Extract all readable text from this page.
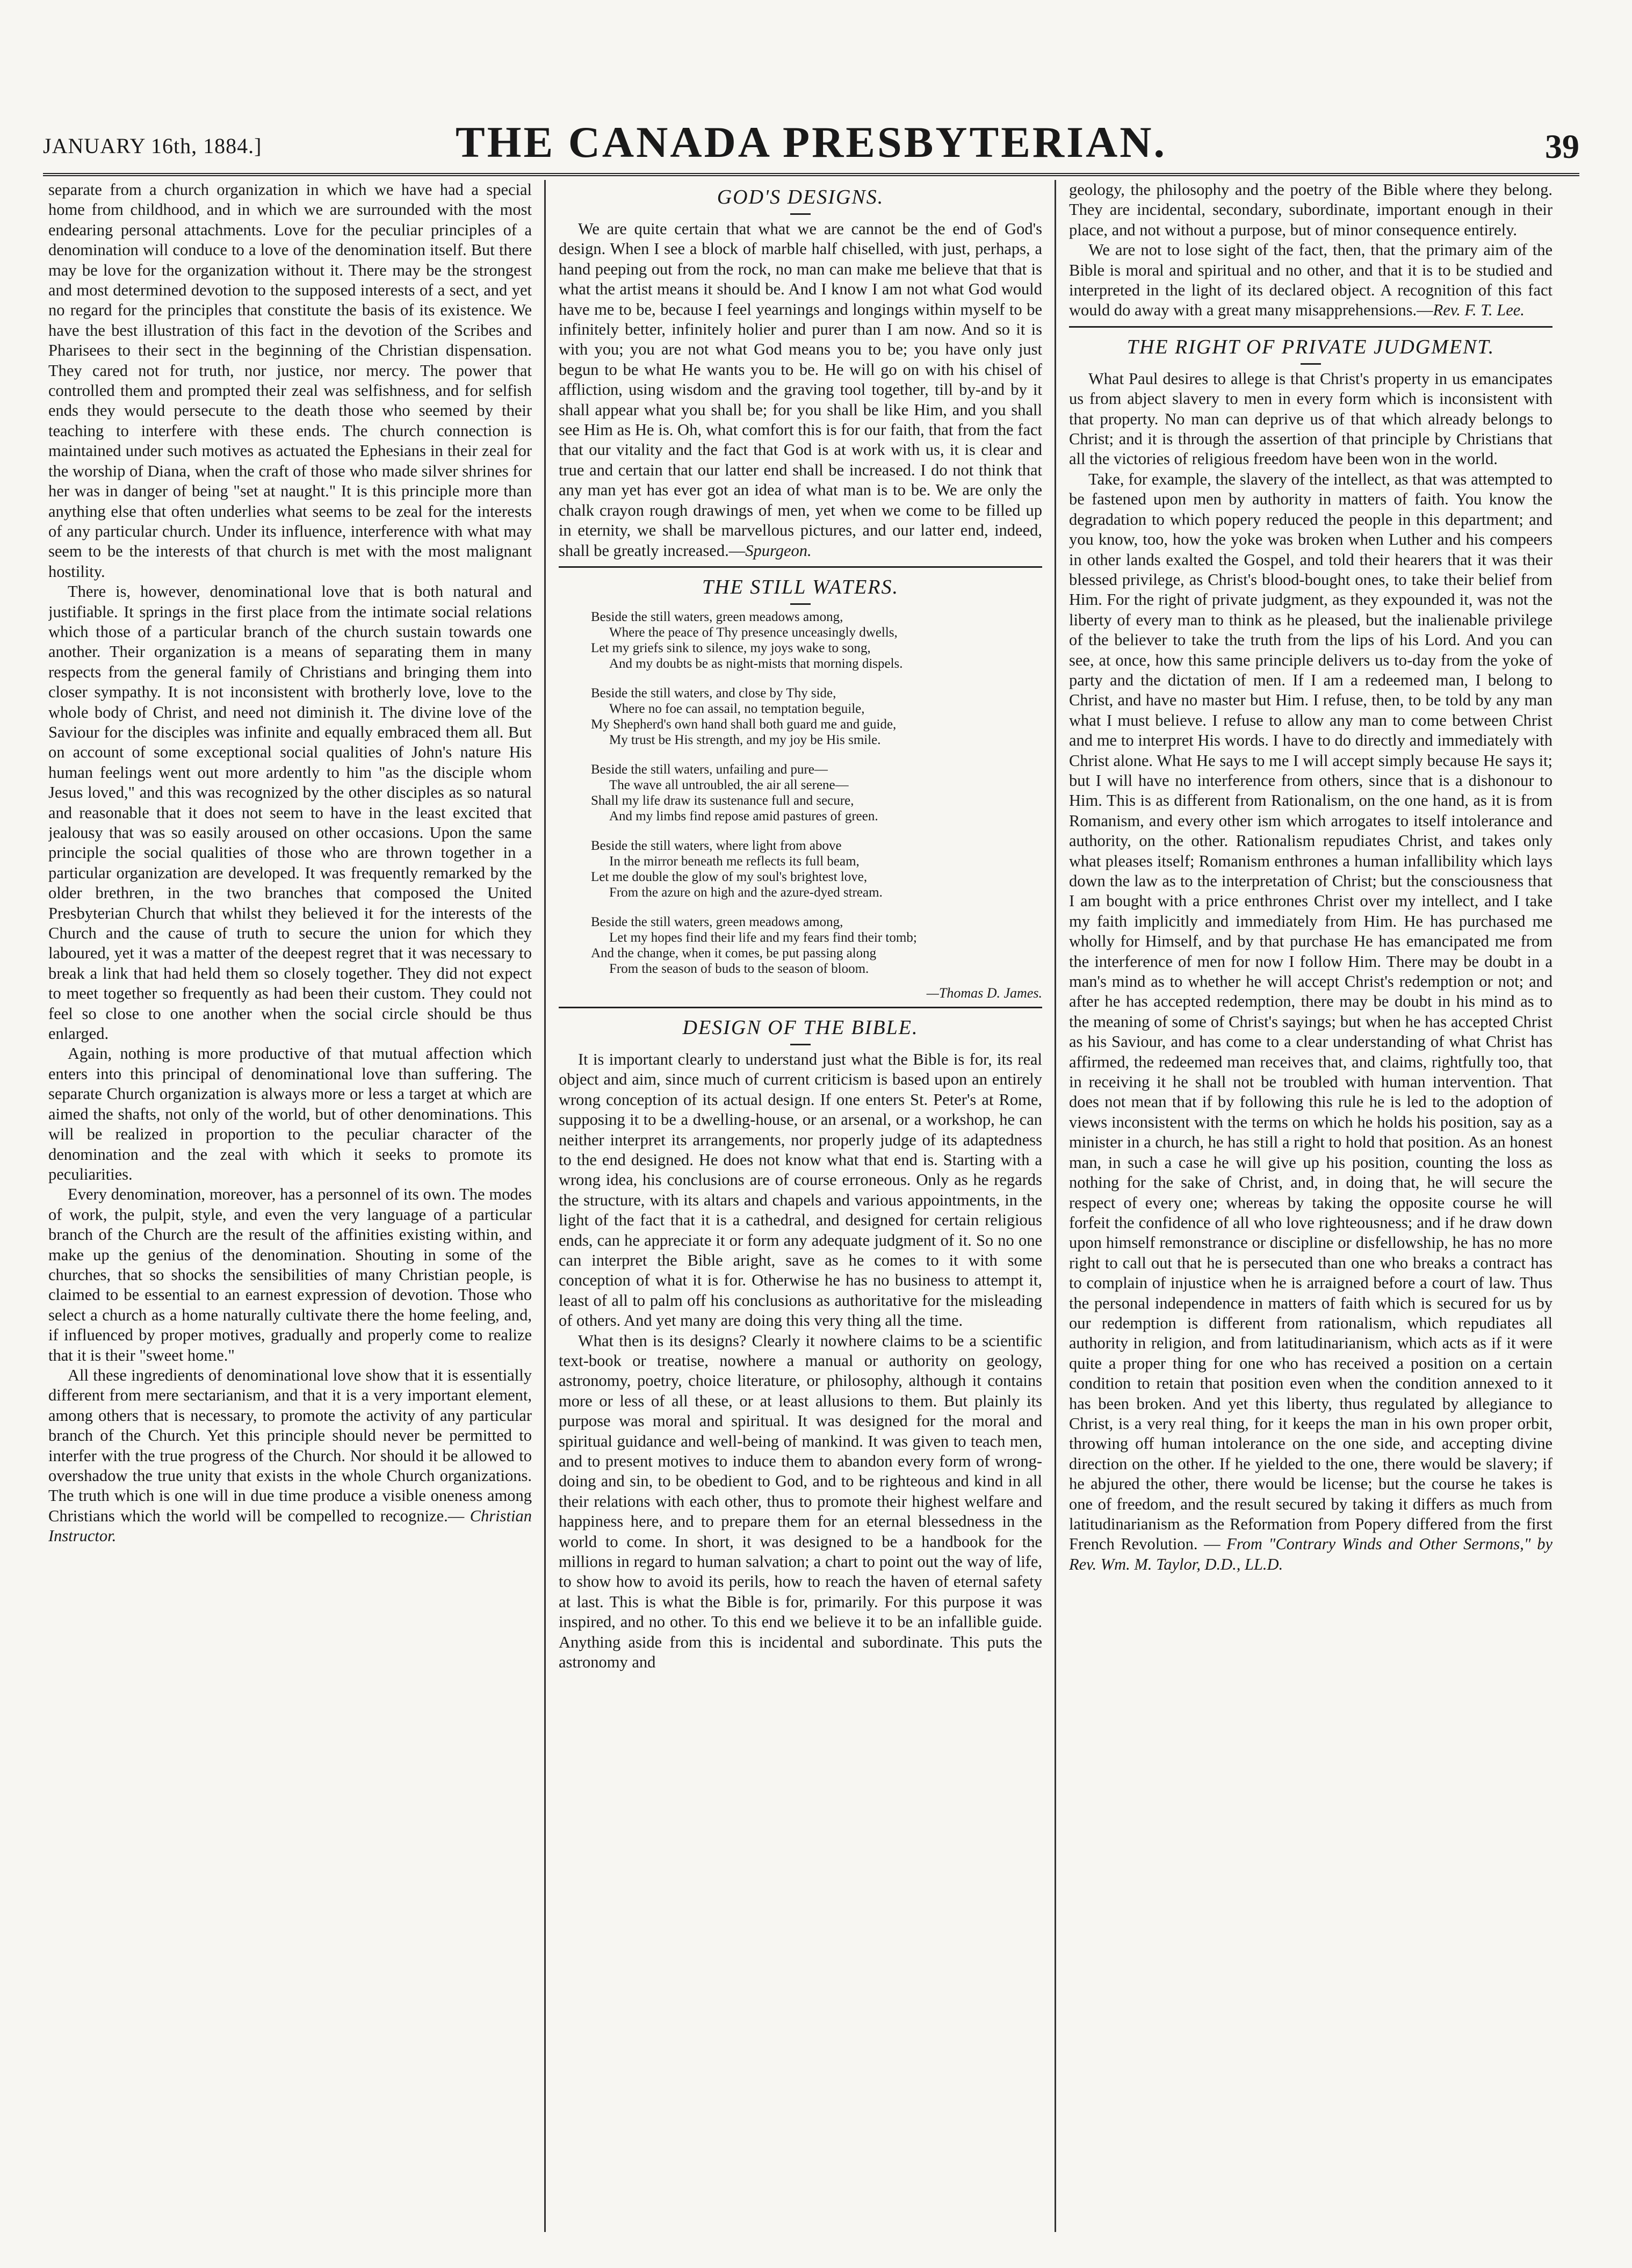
JANUARY 16th, 1884.]	THE CANADA PRESBYTERIAN.	39

separate from a church organization in which we have had a special home from childhood, and in which we are surrounded with the most endearing personal attachments. Love for the peculiar principles of a denomination will conduce to a love of the denomination itself. But there may be love for the organization without it. There may be the strongest and most determined devotion to the supposed interests of a sect, and yet no regard for the principles that constitute the basis of its existence. We have the best illustration of this fact in the devotion of the Scribes and Pharisees to their sect in the beginning of the Christian dispensation. They cared not for truth, nor justice, nor mercy. The power that controlled them and prompted their zeal was selfishness, and for selfish ends they would persecute to the death those who seemed by their teaching to interfere with these ends. The church connection is maintained under such motives as actuated the Ephesians in their zeal for the worship of Diana, when the craft of those who made silver shrines for her was in danger of being "set at naught." It is this principle more than anything else that often underlies what seems to be zeal for the interests of any particular church. Under its influence, interference with what may seem to be the interests of that church is met with the most malignant hostility.

There is, however, denominational love that is both natural and justifiable. It springs in the first place from the intimate social relations which those of a particular branch of the church sustain towards one another. Their organization is a means of separating them in many respects from the general family of Christians and bringing them into closer sympathy. It is not inconsistent with brotherly love, love to the whole body of Christ, and need not diminish it. The divine love of the Saviour for the disciples was infinite and equally embraced them all. But on account of some exceptional social qualities of John's nature His human feelings went out more ardently to him "as the disciple whom Jesus loved," and this was recognized by the other disciples as so natural and reasonable that it does not seem to have in the least excited that jealousy that was so easily aroused on other occasions. Upon the same principle the social qualities of those who are thrown together in a particular organization are developed. It was frequently remarked by the older brethren, in the two branches that composed the United Presbyterian Church that whilst they believed it for the interests of the Church and the cause of truth to secure the union for which they laboured, yet it was a matter of the deepest regret that it was necessary to break a link that had held them so closely together. They did not expect to meet together so frequently as had been their custom. They could not feel so close to one another when the social circle should be thus enlarged.

Again, nothing is more productive of that mutual affection which enters into this principal of denominational love than suffering. The separate Church organization is always more or less a target at which are aimed the shafts, not only of the world, but of other denominations. This will be realized in proportion to the peculiar character of the denomination and the zeal with which it seeks to promote its peculiarities.

Every denomination, moreover, has a personnel of its own. The modes of work, the pulpit, style, and even the very language of a particular branch of the Church are the result of the affinities existing within, and make up the genius of the denomination. Shouting in some of the churches, that so shocks the sensibilities of many Christian people, is claimed to be essential to an earnest expression of devotion. Those who select a church as a home naturally cultivate there the home feeling, and, if influenced by proper motives, gradually and properly come to realize that it is their "sweet home."

All these ingredients of denominational love show that it is essentially different from mere sectarianism, and that it is a very important element, among others that is necessary, to promote the activity of any particular branch of the Church. Yet this principle should never be permitted to interfer with the true progress of the Church. Nor should it be allowed to overshadow the true unity that exists in the whole Church organizations. The truth which is one will in due time produce a visible oneness among Christians which the world will be compelled to recognize.— Christian Instructor.

GOD'S DESIGNS.

We are quite certain that what we are cannot be the end of God's design. When I see a block of marble half chiselled, with just, perhaps, a hand peeping out from the rock, no man can make me believe that that is what the artist means it should be. And I know I am not what God would have me to be, because I feel yearnings and longings within myself to be infinitely better, infinitely holier and purer than I am now. And so it is with you; you are not what God means you to be; you have only just begun to be what He wants you to be. He will go on with his chisel of affliction, using wisdom and the graving tool together, till by-and by it shall appear what you shall be; for you shall be like Him, and you shall see Him as He is. Oh, what comfort this is for our faith, that from the fact that our vitality and the fact that God is at work with us, it is clear and true and certain that our latter end shall be increased. I do not think that any man yet has ever got an idea of what man is to be. We are only the chalk crayon rough drawings of men, yet when we come to be filled up in eternity, we shall be marvellous pictures, and our latter end, indeed, shall be greatly increased.—Spurgeon.

THE STILL WATERS.
Beside the still waters, green meadows among,
Where the peace of Thy presence unceasingly dwells,
Let my griefs sink to silence, my joys wake to song,
And my doubts be as night-mists that morning dispels.
Beside the still waters, and close by Thy side,
Where no foe can assail, no temptation beguile,
My Shepherd's own hand shall both guard me and guide,
My trust be His strength, and my joy be His smile.
Beside the still waters, unfailing and pure—
The wave all untroubled, the air all serene—
Shall my life draw its sustenance full and secure,
And my limbs find repose amid pastures of green.
Beside the still waters, where light from above
In the mirror beneath me reflects its full beam,
Let me double the glow of my soul's brightest love,
From the azure on high and the azure-dyed stream.
Beside the still waters, green meadows among,
Let my hopes find their life and my fears find their tomb;
And the change, when it comes, be put passing along
From the season of buds to the season of bloom.
—Thomas D. James.
DESIGN OF THE BIBLE.

It is important clearly to understand just what the Bible is for, its real object and aim, since much of current criticism is based upon an entirely wrong conception of its actual design. If one enters St. Peter's at Rome, supposing it to be a dwelling-house, or an arsenal, or a workshop, he can neither interpret its arrangements, nor properly judge of its adaptedness to the end designed. He does not know what that end is. Starting with a wrong idea, his conclusions are of course erroneous. Only as he regards the structure, with its altars and chapels and various appointments, in the light of the fact that it is a cathedral, and designed for certain religious ends, can he appreciate it or form any adequate judgment of it. So no one can interpret the Bible aright, save as he comes to it with some conception of what it is for. Otherwise he has no business to attempt it, least of all to palm off his conclusions as authoritative for the misleading of others. And yet many are doing this very thing all the time.

What then is its designs? Clearly it nowhere claims to be a scientific text-book or treatise, nowhere a manual or authority on geology, astronomy, poetry, choice literature, or philosophy, although it contains more or less of all these, or at least allusions to them. But plainly its purpose was moral and spiritual. It was designed for the moral and spiritual guidance and well-being of mankind. It was given to teach men, and to present motives to induce them to abandon every form of wrong-doing and sin, to be obedient to God, and to be righteous and kind in all their relations with each other, thus to promote their highest welfare and happiness here, and to prepare them for an eternal blessedness in the world to come. In short, it was designed to be a handbook for the millions in regard to human salvation; a chart to point out the way of life, to show how to avoid its perils, how to reach the haven of eternal safety at last. This is what the Bible is for, primarily. For this purpose it was inspired, and no other. To this end we believe it to be an infallible guide. Anything aside from this is incidental and subordinate. This puts the astronomy and

geology, the philosophy and the poetry of the Bible where they belong. They are incidental, secondary, subordinate, important enough in their place, and not without a purpose, but of minor consequence entirely.

We are not to lose sight of the fact, then, that the primary aim of the Bible is moral and spiritual and no other, and that it is to be studied and interpreted in the light of its declared object. A recognition of this fact would do away with a great many misapprehensions.—Rev. F. T. Lee.

THE RIGHT OF PRIVATE JUDGMENT.

What Paul desires to allege is that Christ's property in us emancipates us from abject slavery to men in every form which is inconsistent with that property. No man can deprive us of that which already belongs to Christ; and it is through the assertion of that principle by Christians that all the victories of religious freedom have been won in the world.

Take, for example, the slavery of the intellect, as that was attempted to be fastened upon men by authority in matters of faith. You know the degradation to which popery reduced the people in this department; and you know, too, how the yoke was broken when Luther and his compeers in other lands exalted the Gospel, and told their hearers that it was their blessed privilege, as Christ's blood-bought ones, to take their belief from Him. For the right of private judgment, as they expounded it, was not the liberty of every man to think as he pleased, but the inalienable privilege of the believer to take the truth from the lips of his Lord. And you can see, at once, how this same principle delivers us to-day from the yoke of party and the dictation of men. If I am a redeemed man, I belong to Christ, and have no master but Him. I refuse, then, to be told by any man what I must believe. I refuse to allow any man to come between Christ and me to interpret His words. I have to do directly and immediately with Christ alone. What He says to me I will accept simply because He says it; but I will have no interference from others, since that is a dishonour to Him. This is as different from Rationalism, on the one hand, as it is from Romanism, and every other ism which arrogates to itself intolerance and authority, on the other. Rationalism repudiates Christ, and takes only what pleases itself; Romanism enthrones a human infallibility which lays down the law as to the interpretation of Christ; but the consciousness that I am bought with a price enthrones Christ over my intellect, and I take my faith implicitly and immediately from Him. He has purchased me wholly for Himself, and by that purchase He has emancipated me from the interference of men for now I follow Him. There may be doubt in a man's mind as to whether he will accept Christ's redemption or not; and after he has accepted redemption, there may be doubt in his mind as to the meaning of some of Christ's sayings; but when he has accepted Christ as his Saviour, and has come to a clear understanding of what Christ has affirmed, the redeemed man receives that, and claims, rightfully too, that in receiving it he shall not be troubled with human intervention. That does not mean that if by following this rule he is led to the adoption of views inconsistent with the terms on which he holds his position, say as a minister in a church, he has still a right to hold that position. As an honest man, in such a case he will give up his position, counting the loss as nothing for the sake of Christ, and, in doing that, he will secure the respect of every one; whereas by taking the opposite course he will forfeit the confidence of all who love righteousness; and if he draw down upon himself remonstrance or discipline or disfellowship, he has no more right to call out that he is persecuted than one who breaks a contract has to complain of injustice when he is arraigned before a court of law. Thus the personal independence in matters of faith which is secured for us by our redemption is different from rationalism, which repudiates all authority in religion, and from latitudinarianism, which acts as if it were quite a proper thing for one who has received a position on a certain condition to retain that position even when the condition annexed to it has been broken. And yet this liberty, thus regulated by allegiance to Christ, is a very real thing, for it keeps the man in his own proper orbit, throwing off human intolerance on the one side, and accepting divine direction on the other. If he yielded to the one, there would be slavery; if he abjured the other, there would be license; but the course he takes is one of freedom, and the result secured by taking it differs as much from latitudinarianism as the Reformation from Popery differed from the first French Revolution. — From "Contrary Winds and Other Sermons," by Rev. Wm. M. Taylor, D.D., LL.D.
